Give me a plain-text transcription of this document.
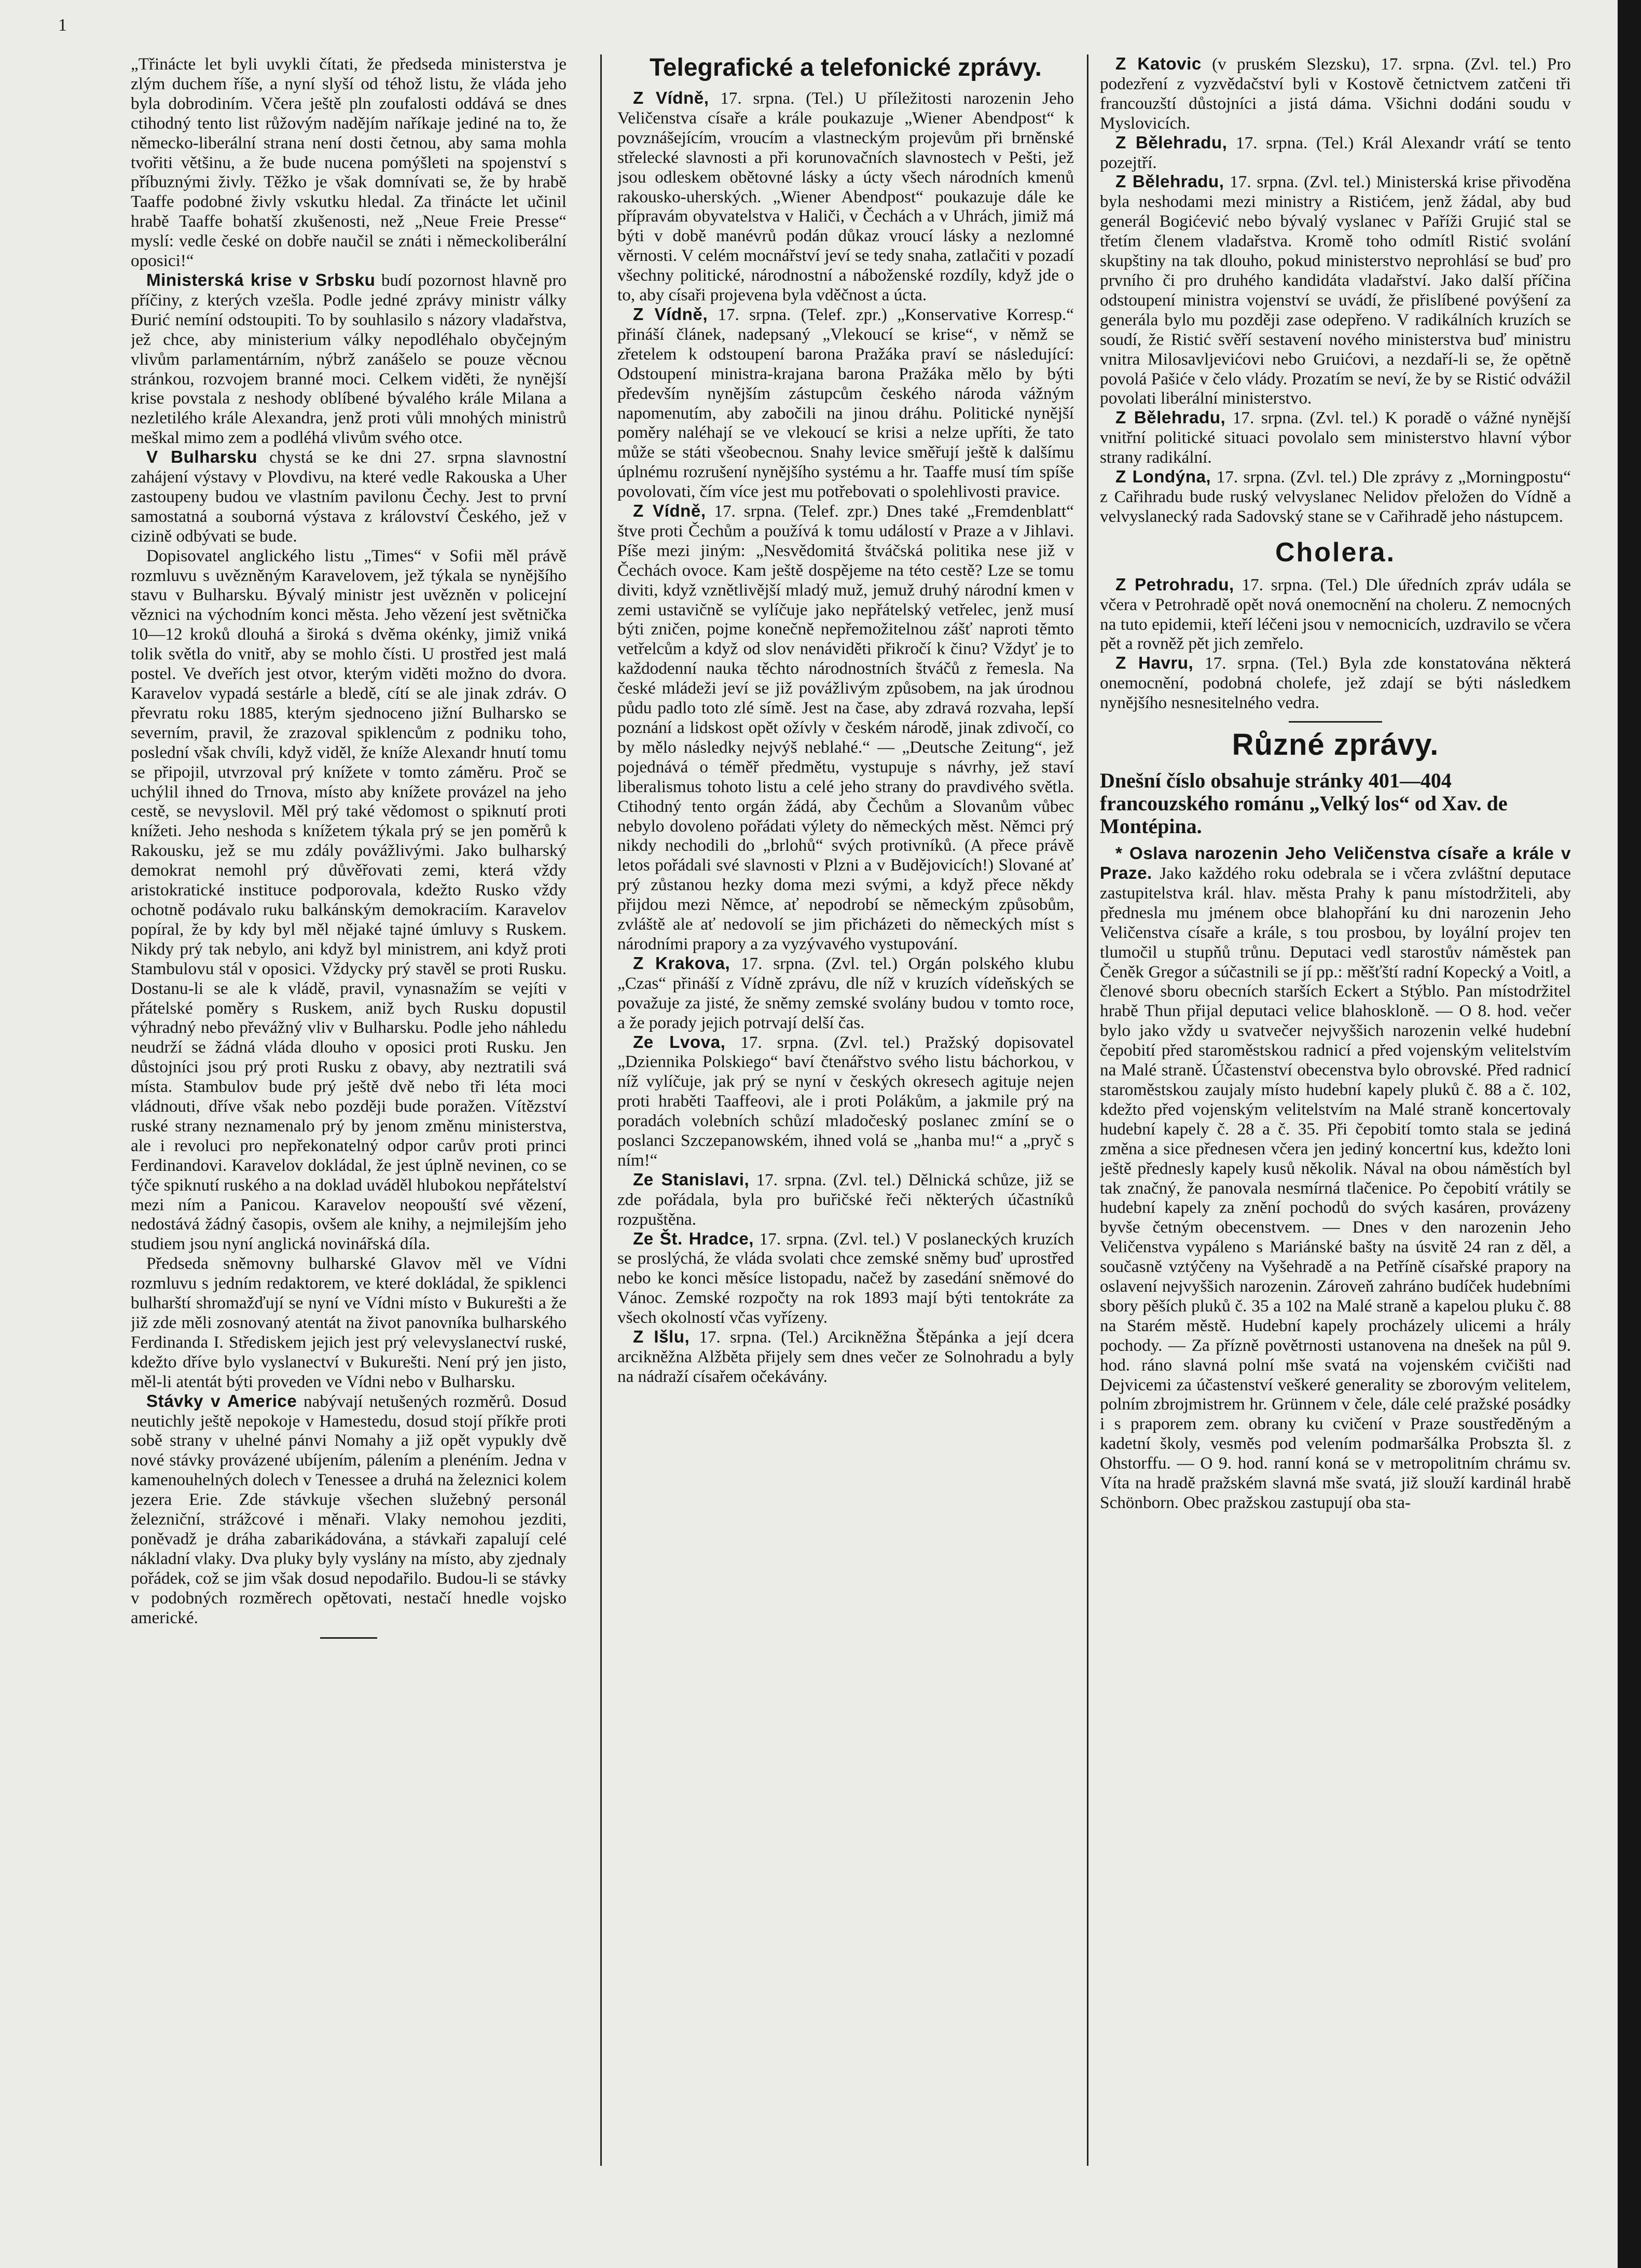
1

„Třinácte let byli uvykli čítati, že předseda ministerstva je zlým duchem říše, a nyní slyší od téhož listu, že vláda jeho byla dobrodiním. Včera ještě pln zoufalosti oddává se dnes ctihodný tento list růžovým nadějím naříkaje jediné na to, že německo-liberální strana není dosti četnou, aby sama mohla tvořiti většinu, a že bude nucena pomýšleti na spojenství s příbuznými živly. Těžko je však domnívati se, že by hrabě Taaffe podobné živly vskutku hledal. Za třinácte let učinil hrabě Taaffe bohatší zkušenosti, než „Neue Freie Presse“ myslí: vedle české on dobře naučil se znáti i německoliberální oposici!“

Ministerská krise v Srbsku budí pozornost hlavně pro příčiny, z kterých vzešla. Podle jedné zprávy ministr války Đurić nemíní odstoupiti. To by souhlasilo s názory vladařstva, jež chce, aby ministerium války nepodléhalo obyčejným vlivům parlamentárním, nýbrž zanášelo se pouze věcnou stránkou, rozvojem branné moci. Celkem viděti, že nynější krise povstala z neshody oblíbené bývalého krále Milana a nezletilého krále Alexandra, jenž proti vůli mnohých ministrů meškal mimo zem a podléhá vlivům svého otce.

V Bulharsku chystá se ke dni 27. srpna slavnostní zahájení výstavy v Plovdivu, na které vedle Rakouska a Uher zastoupeny budou ve vlastním pavilonu Čechy. Jest to první samostatná a souborná výstava z království Českého, jež v cizině odbývati se bude.

Dopisovatel anglického listu „Times“ v Sofii měl právě rozmluvu s uvězněným Karavelovem, jež týkala se nynějšího stavu v Bulharsku. Bývalý ministr jest uvězněn v policejní věznici na východním konci města. Jeho vězení jest světnička 10—12 kroků dlouhá a široká s dvěma okénky, jimiž vniká tolik světla do vnitř, aby se mohlo čísti. U prostřed jest malá postel. Ve dveřích jest otvor, kterým viděti možno do dvora. Karavelov vypadá sestárle a bledě, cítí se ale jinak zdráv. O převratu roku 1885, kterým sjednoceno jižní Bulharsko se severním, pravil, že zrazoval spiklencům z podniku toho, poslední však chvíli, když viděl, že kníže Alexandr hnutí tomu se připojil, utvrzoval prý knížete v tomto záměru. Proč se uchýlil ihned do Trnova, místo aby knížete provázel na jeho cestě, se nevyslovil. Měl prý také vědomost o spiknutí proti knížeti. Jeho neshoda s knížetem týkala prý se jen poměrů k Rakousku, jež se mu zdály povážlivými. Jako bulharský demokrat nemohl prý důvěřovati zemi, která vždy aristokratické instituce podporovala, kdežto Rusko vždy ochotně podávalo ruku balkánským demokraciím. Karavelov popíral, že by kdy byl měl nějaké tajné úmluvy s Ruskem. Nikdy prý tak nebylo, ani když byl ministrem, ani když proti Stambulovu stál v oposici. Vždycky prý stavěl se proti Rusku. Dostanu-li se ale k vládě, pravil, vynasnažím se vejíti v přátelské poměry s Ruskem, aniž bych Rusku dopustil výhradný nebo převážný vliv v Bulharsku. Podle jeho náhledu neudrží se žádná vláda dlouho v oposici proti Rusku. Jen důstojníci jsou prý proti Rusku z obavy, aby neztratili svá místa. Stambulov bude prý ještě dvě nebo tři léta moci vládnouti, dříve však nebo později bude poražen. Vítězství ruské strany neznamenalo prý by jenom změnu ministerstva, ale i revoluci pro nepřekonatelný odpor carův proti princi Ferdinandovi. Karavelov dokládal, že jest úplně nevinen, co se týče spiknutí ruského a na doklad uváděl hlubokou nepřátelství mezi ním a Panicou. Karavelov neopouští své vězení, nedostává žádný časopis, ovšem ale knihy, a nejmilejším jeho studiem jsou nyní anglická novinářská díla.

Předseda sněmovny bulharské Glavov měl ve Vídni rozmluvu s jedním redaktorem, ve které dokládal, že spiklenci bulharští shromažďují se nyní ve Vídni místo v Bukurešti a že již zde měli zosnovaný atentát na život panovníka bulharského Ferdinanda I. Střediskem jejich jest prý velevyslanectví ruské, kdežto dříve bylo vyslanectví v Bukurešti. Není prý jen jisto, měl-li atentát býti proveden ve Vídni nebo v Bulharsku.

Stávky v Americe nabývají netušených rozměrů. Dosud neutichly ještě nepokoje v Hamestedu, dosud stojí příkře proti sobě strany v uhelné pánvi Nomahy a již opět vypukly dvě nové stávky provázené ubíjením, pálením a plenéním. Jedna v kamenouhelných dolech v Tenessee a druhá na železnici kolem jezera Erie. Zde stávkuje všechen služebný personál železniční, strážcové i měnaři. Vlaky nemohou jezditi, poněvadž je dráha zabarikádována, a stávkaři zapalují celé nákladní vlaky. Dva pluky byly vyslány na místo, aby zjednaly pořádek, což se jim však dosud nepodařilo. Budou-li se stávky v podobných rozměrech opětovati, nestačí hnedle vojsko americké.

Telegrafické a telefonické zprávy.

Z Vídně, 17. srpna. (Tel.) U příležitosti narozenin Jeho Veličenstva císaře a krále poukazuje „Wiener Abendpost“ k povznášejícím, vroucím a vlastneckým projevům při brněnské střelecké slavnosti a při korunovačních slavnostech v Pešti, jež jsou odleskem obětovné lásky a úcty všech národních kmenů rakousko-uherských. „Wiener Abendpost“ poukazuje dále ke přípravám obyvatelstva v Haliči, v Čechách a v Uhrách, jimiž má býti v době manévrů podán důkaz vroucí lásky a nezlomné věrnosti. V celém mocnářství jeví se tedy snaha, zatlačiti v pozadí všechny politické, národnostní a náboženské rozdíly, když jde o to, aby císaři projevena byla vděčnost a úcta.

Z Vídně, 17. srpna. (Telef. zpr.) „Konservative Korresp.“ přináší článek, nadepsaný „Vlekoucí se krise“, v němž se zřetelem k odstoupení barona Pražáka praví se následující: Odstoupení ministra-krajana barona Pražáka mělo by býti především nynějším zástupcům českého národa vážným napomenutím, aby zabočili na jinou dráhu. Politické nynější poměry naléhají se ve vlekoucí se krisi a nelze upříti, že tato může se státi všeobecnou. Snahy levice směřují ještě k dalšímu úplnému rozrušení nynějšího systému a hr. Taaffe musí tím spíše povolovati, čím více jest mu potřebovati o spolehlivosti pravice.

Z Vídně, 17. srpna. (Telef. zpr.) Dnes také „Fremdenblatt“ štve proti Čechům a používá k tomu událostí v Praze a v Jihlavi. Píše mezi jiným: „Nesvědomitá štváčská politika nese již v Čechách ovoce. Kam ještě dospějeme na této cestě? Lze se tomu diviti, když vznětlivější mladý muž, jemuž druhý národní kmen v zemi ustavičně se vylíčuje jako nepřátelský vetřelec, jenž musí býti zničen, pojme konečně nepřemožitelnou zášť naproti těmto vetřelcům a když od slov nenáviděti přikročí k činu? Vždyť je to každodenní nauka těchto národnostních štváčů z řemesla. Na české mládeži jeví se již povážlivým způsobem, na jak úrodnou půdu padlo toto zlé símě. Jest na čase, aby zdravá rozvaha, lepší poznání a lidskost opět ožívly v českém národě, jinak zdivočí, co by mělo následky nejvýš neblahé.“ — „Deutsche Zeitung“, jež pojednává o téměř předmětu, vystupuje s návrhy, jež staví liberalismus tohoto listu a celé jeho strany do pravdivého světla. Ctihodný tento orgán žádá, aby Čechům a Slovanům vůbec nebylo dovoleno pořádati výlety do německých měst. Němci prý nikdy nechodili do „brlohů“ svých protivníků. (A přece právě letos pořádali své slavnosti v Plzni a v Budějovicích!) Slované ať prý zůstanou hezky doma mezi svými, a když přece někdy přijdou mezi Němce, ať nepodrobí se německým způsobům, zvláště ale ať nedovolí se jim přicházeti do německých míst s národními prapory a za vyzývavého vystupování.

Z Krakova, 17. srpna. (Zvl. tel.) Orgán polského klubu „Czas“ přináší z Vídně zprávu, dle níž v kruzích vídeňských se považuje za jisté, že sněmy zemské svolány budou v tomto roce, a že porady jejich potrvají delší čas.

Ze Lvova, 17. srpna. (Zvl. tel.) Pražský dopisovatel „Dziennika Polskiego“ baví čtenářstvo svého listu báchorkou, v níž vylíčuje, jak prý se nyní v českých okresech agituje nejen proti hraběti Taaffeovi, ale i proti Polákům, a jakmile prý na poradách volebních schůzí mladočeský poslanec zmíní se o poslanci Szczepanowském, ihned volá se „hanba mu!“ a „pryč s ním!“

Ze Stanislavi, 17. srpna. (Zvl. tel.) Dělnická schůze, již se zde pořádala, byla pro buřičské řeči některých účastníků rozpuštěna.

Ze Št. Hradce, 17. srpna. (Zvl. tel.) V poslaneckých kruzích se proslýchá, že vláda svolati chce zemské sněmy buď uprostřed nebo ke konci měsíce listopadu, načež by zasedání sněmové do Vánoc. Zemské rozpočty na rok 1893 mají býti tentokráte za všech okolností včas vyřízeny.

Z Išlu, 17. srpna. (Tel.) Arcikněžna Štěpánka a její dcera arcikněžna Alžběta přijely sem dnes večer ze Solnohradu a byly na nádraží císařem očekávány.

Z Katovic (v pruském Slezsku), 17. srpna. (Zvl. tel.) Pro podezření z vyzvědačství byli v Kostově četnictvem zatčeni tři francouzští důstojníci a jistá dáma. Všichni dodáni soudu v Myslovicích.

Z Bělehradu, 17. srpna. (Tel.) Král Alexandr vrátí se tento pozejtří.

Z Bělehradu, 17. srpna. (Zvl. tel.) Ministerská krise přivoděna byla neshodami mezi ministry a Ristićem, jenž žádal, aby bud generál Bogićević nebo bývalý vyslanec v Paříži Grujić stal se třetím členem vladařstva. Kromě toho odmítl Ristić svolání skupštiny na tak dlouho, pokud ministerstvo neprohlásí se buď pro prvního či pro druhého kandidáta vladařství. Jako další příčina odstoupení ministra vojenství se uvádí, že přislíbené povýšení za generála bylo mu později zase odepřeno. V radikálních kruzích se soudí, že Ristić svěří sestavení nového ministerstva buď ministru vnitra Milosavljevićovi nebo Gruićovi, a nezdaří-li se, že opětně povolá Pašiće v čelo vlády. Prozatím se neví, že by se Ristić odvážil povolati liberální ministerstvo.

Z Bělehradu, 17. srpna. (Zvl. tel.) K poradě o vážné nynější vnitřní politické situaci povolalo sem ministerstvo hlavní výbor strany radikální.

Z Londýna, 17. srpna. (Zvl. tel.) Dle zprávy z „Morningpostu“ z Cařihradu bude ruský velvyslanec Nelidov přeložen do Vídně a velvyslanecký rada Sadovský stane se v Cařihradě jeho nástupcem.

Cholera.

Z Petrohradu, 17. srpna. (Tel.) Dle úředních zpráv udála se včera v Petrohradě opět nová onemocnění na choleru. Z nemocných na tuto epidemii, kteří léčeni jsou v nemocnicích, uzdravilo se včera pět a rovněž pět jich zemřelo.

Z Havru, 17. srpna. (Tel.) Byla zde konstatována některá onemocnění, podobná cholefe, jež zdají se býti následkem nynějšího nesnesitelného vedra.

Různé zprávy.

Dnešní číslo obsahuje stránky 401—404 francouzského románu „Velký los“ od Xav. de Montépina.

* Oslava narozenin Jeho Veličenstva císaře a krále v Praze. Jako každého roku odebrala se i včera zvláštní deputace zastupitelstva král. hlav. města Prahy k panu místodržiteli, aby přednesla mu jménem obce blahopřání ku dni narozenin Jeho Veličenstva císaře a krále, s tou prosbou, by loyální projev ten tlumočil u stupňů trůnu. Deputaci vedl starostův náměstek pan Čeněk Gregor a súčastnili se jí pp.: měšťští radní Kopecký a Voitl, a členové sboru obecních starších Eckert a Stýblo. Pan místodržitel hrabě Thun přijal deputaci velice blahoskloně. — O 8. hod. večer bylo jako vždy u svatvečer nejvyššich narozenin velké hudební čepobití před staroměstskou radnicí a před vojenským velitelstvím na Malé straně. Účastenství obecenstva bylo obrovské. Před radnicí staroměstskou zaujaly místo hudební kapely pluků č. 88 a č. 102, kdežto před vojenským velitelstvím na Malé straně koncertovaly hudební kapely č. 28 a č. 35. Při čepobití tomto stala se jediná změna a sice přednesen včera jen jediný koncertní kus, kdežto loni ještě přednesly kapely kusů několik. Nával na obou náměstích byl tak značný, že panovala nesmírná tlačenice. Po čepobití vrátily se hudební kapely za znění pochodů do svých kasáren, provázeny byvše četným obecenstvem. — Dnes v den narozenin Jeho Veličenstva vypáleno s Mariánské bašty na úsvitě 24 ran z děl, a současně vztýčeny na Vyšehradě a na Petříně císařské prapory na oslavení nejvyššich narozenin. Zároveň zahráno budíček hudebními sbory pěších pluků č. 35 a 102 na Malé straně a kapelou pluku č. 88 na Starém městě. Hudební kapely procházely ulicemi a hrály pochody. — Za přízně povětrnosti ustanovena na dnešek na půl 9. hod. ráno slavná polní mše svatá na vojenském cvičišti nad Dejvicemi za účastenství veškeré generality se zborovým velitelem, polním zbrojmistrem hr. Grünnem v čele, dále celé pražské posádky i s praporem zem. obrany ku cvičení v Praze soustředěným a kadetní školy, vesměs pod velením podmaršálka Probszta šl. z Ohstorffu. — O 9. hod. ranní koná se v metropolitním chrámu sv. Víta na hradě pražském slavná mše svatá, již slouží kardinál hrabě Schönborn. Obec pražskou zastupují oba sta-
